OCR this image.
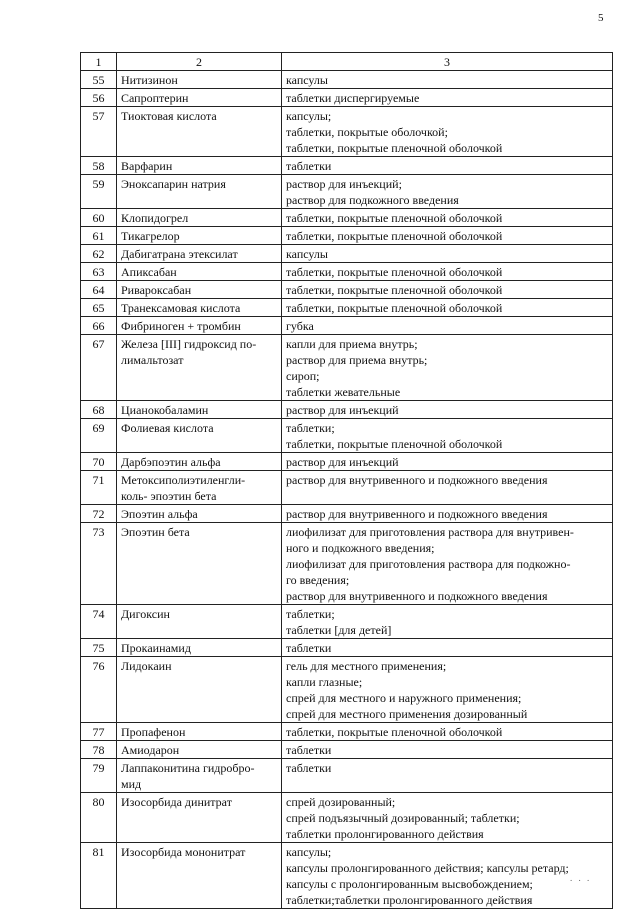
5
1	2	3
55	Нитизинон	капсулы

56	Сапроптерин	таблетки диспергируемые

57	Тиоктовая кислота	капсулы;
таблетки, покрытые оболочкой;
таблетки, покрытые пленочной оболочкой

58	Варфарин	таблетки

59	Эноксапарин натрия	раствор для инъекций;
раствор для подкожного введения

60	Клопидогрел	таблетки, покрытые пленочной оболочкой

61	Тикагрелор	таблетки, покрытые пленочной оболочкой

62	Дабигатрана этексилат	капсулы

63	Апиксабан	таблетки, покрытые пленочной оболочкой

64	Ривароксабан	таблетки, покрытые пленочной оболочкой

65	Транексамовая кислота	таблетки, покрытые пленочной оболочкой

66	Фибриноген + тромбин	губка

67	Железа [III] гидроксид по-
лимальтозат	капли для приема внутрь;
раствор для приема внутрь;
сироп;
таблетки жевательные

68	Цианокобаламин	раствор для инъекций

69	Фолиевая кислота	таблетки;
таблетки, покрытые пленочной оболочкой

70	Дарбэпоэтин альфа	раствор для инъекций

71	Метоксиполиэтиленгли-
коль- эпоэтин бета	раствор для внутривенного и подкожного введения

72	Эпоэтин альфа	раствор для внутривенного и подкожного введения

73	Эпоэтин бета	лиофилизат для приготовления раствора для внутривен-
ного и подкожного введения;
лиофилизат для приготовления раствора для подкожно-
го введения;
раствор для внутривенного и подкожного введения

74	Дигоксин	таблетки;
таблетки [для детей]

75	Прокаинамид	таблетки

76	Лидокаин	гель для местного применения;
капли глазные;
спрей для местного и наружного применения;
спрей для местного применения дозированный

77	Пропафенон	таблетки, покрытые пленочной оболочкой

78	Амиодарон	таблетки

79	Лаппаконитина гидробро-
мид	таблетки

80	Изосорбида динитрат	спрей дозированный;
спрей подъязычный дозированный; таблетки;
таблетки пролонгированного действия

81	Изосорбида мононитрат	капсулы;
капсулы пролонгированного действия; капсулы ретард;
капсулы с пролонгированным высвобождением;
таблетки;таблетки пролонгированного действия
. . .
